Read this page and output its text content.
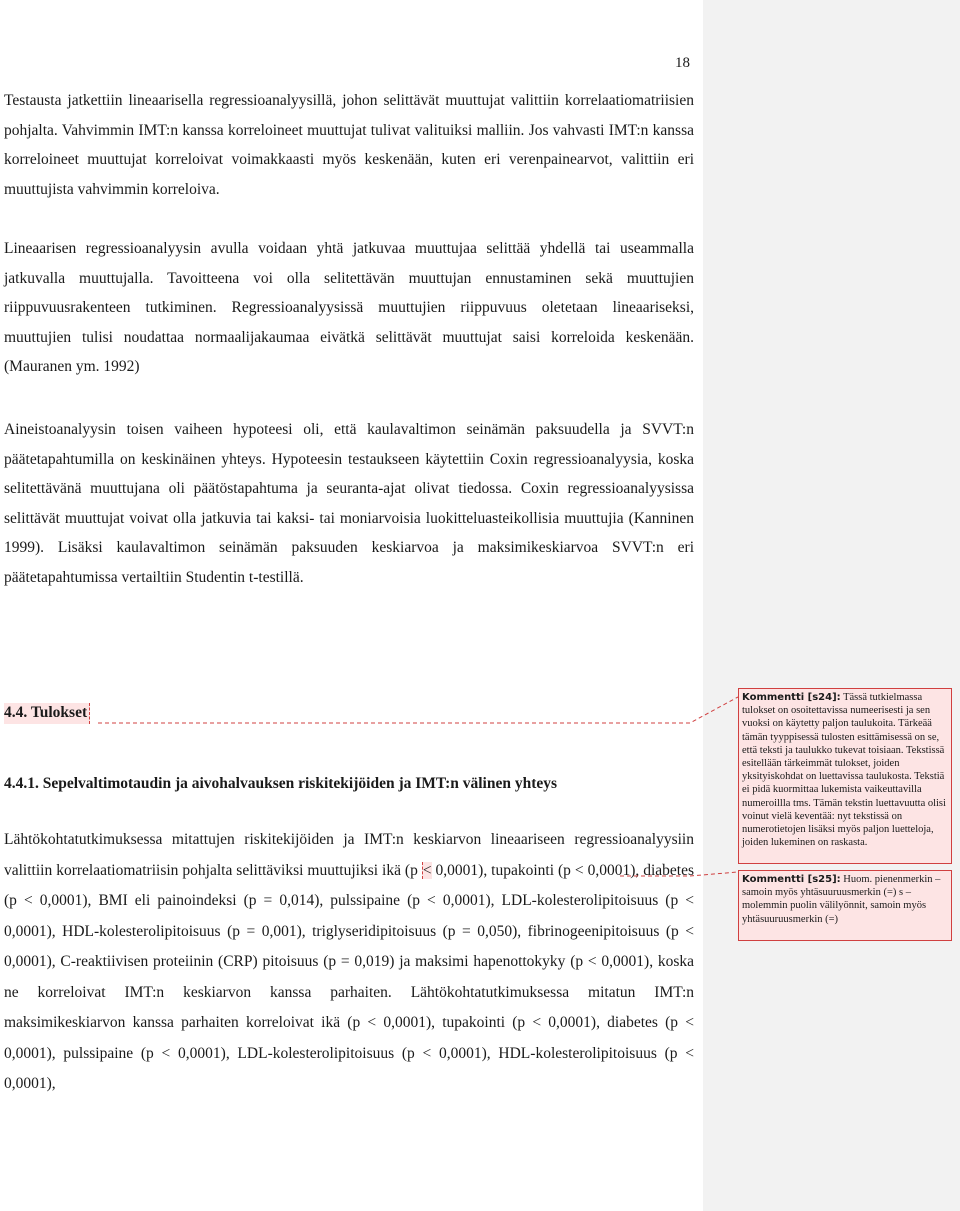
18

Testausta jatkettiin lineaarisella regressioanalyysillä, johon selittävät muuttujat valittiin korrelaatiomatriisien pohjalta. Vahvimmin IMT:n kanssa korreloineet muuttujat tulivat valituiksi malliin. Jos vahvasti IMT:n kanssa korreloineet muuttujat korreloivat voimakkaasti myös keskenään, kuten eri verenpainearvot, valittiin eri muuttujista vahvimmin korreloiva.

Lineaarisen regressioanalyysin avulla voidaan yhtä jatkuvaa muuttujaa selittää yhdellä tai useammalla jatkuvalla muuttujalla. Tavoitteena voi olla selitettävän muuttujan ennustaminen sekä muuttujien riippuvuusrakenteen tutkiminen. Regressioanalyysissä muuttujien riippuvuus oletetaan lineaariseksi, muuttujien tulisi noudattaa normaalijakaumaa eivätkä selittävät muuttujat saisi korreloida keskenään. (Mauranen ym. 1992)

Aineistoanalyysin toisen vaiheen hypoteesi oli, että kaulavaltimon seinämän paksuudella ja SVVT:n päätetapahtumilla on keskinäinen yhteys. Hypoteesin testaukseen käytettiin Coxin regressioanalyysia, koska selitettävänä muuttujana oli päätöstapahtuma ja seuranta-ajat olivat tiedossa. Coxin regressioanalyysissa selittävät muuttujat voivat olla jatkuvia tai kaksi- tai moniarvoisia luokitteluasteikollisia muuttujia (Kanninen 1999). Lisäksi kaulavaltimon seinämän paksuuden keskiarvoa ja maksimikeskiarvoa SVVT:n eri päätetapahtumissa vertailtiin Studentin t-testillä.

4.4. Tulokset
4.4.1. Sepelvaltimotaudin ja aivohalvauksen riskitekijöiden ja IMT:n välinen yhteys

Lähtökohtatutkimuksessa mitattujen riskitekijöiden ja IMT:n keskiarvon lineaariseen regressioanalyysiin valittiin korrelaatiomatriisin pohjalta selittäviksi muuttujiksi ikä (p < 0,0001), tupakointi (p < 0,0001), diabetes (p < 0,0001), BMI eli painoindeksi (p = 0,014), pulssipaine (p < 0,0001), LDL-kolesterolipitoisuus (p < 0,0001), HDL-kolesterolipitoisuus (p = 0,001), triglyseridipitoisuus (p = 0,050), fibrinogeenipitoisuus (p < 0,0001), C-reaktiivisen proteiinin (CRP) pitoisuus (p = 0,019) ja maksimi hapenottokyky (p < 0,0001), koska ne korreloivat IMT:n keskiarvon kanssa parhaiten. Lähtökohtatutkimuksessa mitatun IMT:n maksimikeskiarvon kanssa parhaiten korreloivat ikä (p < 0,0001), tupakointi (p < 0,0001), diabetes (p < 0,0001), pulssipaine (p < 0,0001), LDL-kolesterolipitoisuus (p < 0,0001), HDL-kolesterolipitoisuus (p < 0,0001),

Kommentti [s24]: Tässä tutkielmassa tulokset on osoitettavissa numeerisesti ja sen vuoksi on käytetty paljon taulukoita. Tärkeää tämän tyyppisessä tulosten esittämisessä on se, että teksti ja taulukko tukevat toisiaan. Tekstissä esitellään tärkeimmät tulokset, joiden yksityiskohdat on luettavissa taulukosta. Tekstiä ei pidä kuormittaa lukemista vaikeuttavilla numeroillla tms. Tämän tekstin luettavuutta olisi voinut vielä keventää: nyt tekstissä on numerotietojen lisäksi myös paljon luetteloja, joiden lukeminen on raskasta.
Kommentti [s25]: Huom. pienenmerkin – samoin myös yhtäsuuruusmerkin (=) s – molemmin puolin välilyönnit, samoin myös yhtäsuuruusmerkin (=)
